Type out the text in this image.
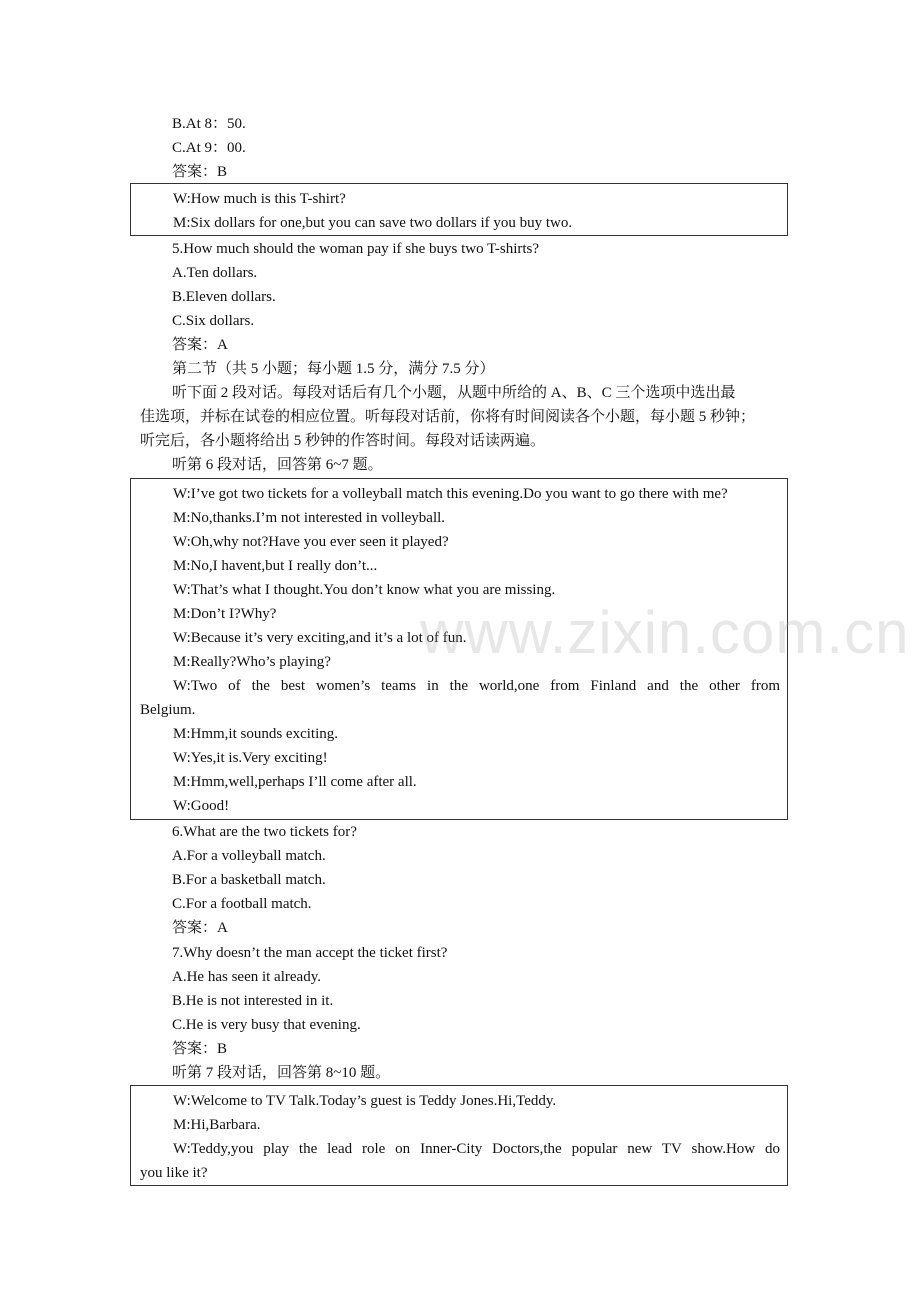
B.At 8：50.
C.At 9：00.
答案：B
W:How much is this T-shirt?
M:Six dollars for one,but you can save two dollars if you buy two.
5.How much should the woman pay if she buys two T-shirts?
A.Ten dollars.
B.Eleven dollars.
C.Six dollars.
答案：A
第二节（共 5 小题；每小题 1.5 分，满分 7.5 分）
听下面 2 段对话。每段对话后有几个小题，从题中所给的 A、B、C 三个选项中选出最
佳选项，并标在试卷的相应位置。听每段对话前，你将有时间阅读各个小题，每小题 5 秒钟；
听完后，各小题将给出 5 秒钟的作答时间。每段对话读两遍。
听第 6 段对话，回答第 6~7 题。
W:I’ve got two tickets for a volleyball match this evening.Do you want to go there with me?
M:No,thanks.I’m not interested in volleyball.
W:Oh,why not?Have you ever seen it played?
M:No,I havent,but I really don’t...
W:That’s what I thought.You don’t know what you are missing.
M:Don’t I?Why?
W:Because it’s very exciting,and it’s a lot of fun.
M:Really?Who’s playing?
W:Two of the best women’s teams in the world,one from Finland and the other from
Belgium.
M:Hmm,it sounds exciting.
W:Yes,it is.Very exciting!
M:Hmm,well,perhaps I’ll come after all.
W:Good!
6.What are the two tickets for?
A.For a volleyball match.
B.For a basketball match.
C.For a football match.
答案：A
7.Why doesn’t the man accept the ticket first?
A.He has seen it already.
B.He is not interested in it.
C.He is very busy that evening.
答案：B
听第 7 段对话，回答第 8~10 题。
W:Welcome to TV Talk.Today’s guest is Teddy Jones.Hi,Teddy.
M:Hi,Barbara.
W:Teddy,you play the lead role on Inner-City Doctors,the popular new TV show.How do
you like it?
www.zixin.com.cn
